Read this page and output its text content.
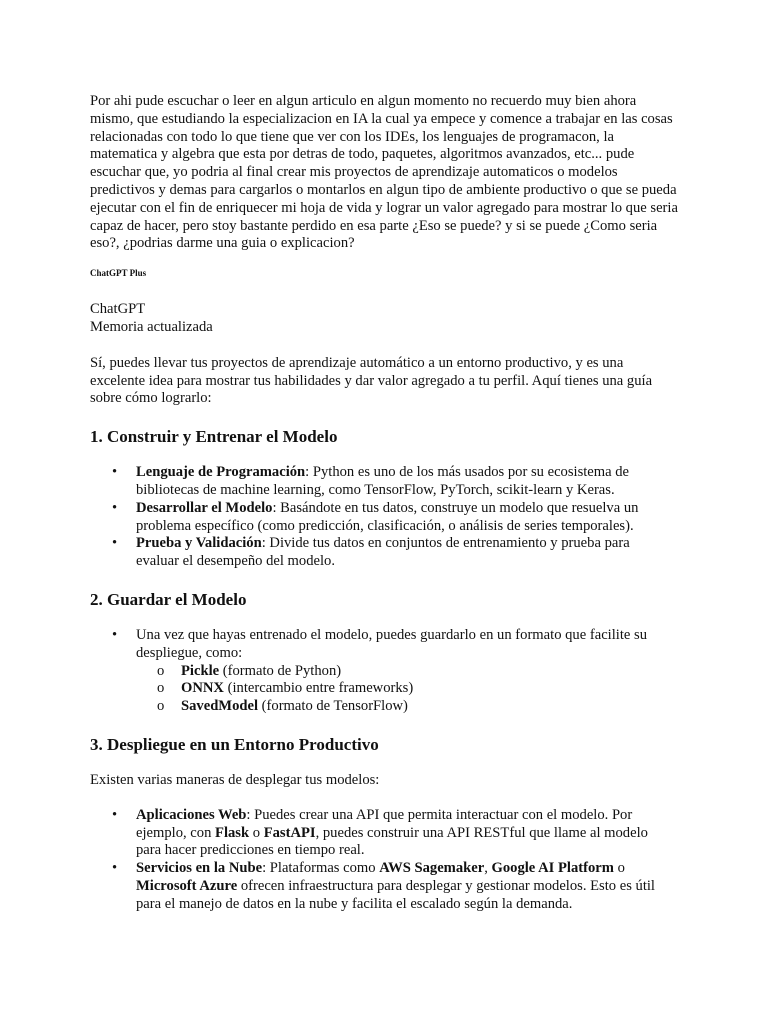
Por ahi pude escuchar o leer en algun articulo en algun momento no recuerdo muy bien ahora mismo, que estudiando la especializacion en IA la cual ya empece y comence a trabajar en las cosas relacionadas con todo lo que tiene que ver con los IDEs, los lenguajes de programacon, la matematica y algebra que esta por detras de todo, paquetes, algoritmos avanzados, etc... pude escuchar que, yo podria al final crear mis proyectos de aprendizaje automaticos o modelos predictivos y demas para cargarlos o montarlos en algun tipo de ambiente productivo o que se pueda ejecutar con el fin de enriquecer mi hoja de vida y lograr un valor agregado para mostrar lo que seria capaz de hacer, pero stoy bastante perdido en esa parte ¿Eso se puede? y si se puede ¿Como seria eso?, ¿podrias darme una guia o explicacion?

ChatGPT Plus

ChatGPT
Memoria actualizada

Sí, puedes llevar tus proyectos de aprendizaje automático a un entorno productivo, y es una excelente idea para mostrar tus habilidades y dar valor agregado a tu perfil. Aquí tienes una guía sobre cómo lograrlo:

1. Construir y Entrenar el Modelo
• Lenguaje de Programación: Python es uno de los más usados por su ecosistema de bibliotecas de machine learning, como TensorFlow, PyTorch, scikit-learn y Keras.
• Desarrollar el Modelo: Basándote en tus datos, construye un modelo que resuelva un problema específico (como predicción, clasificación, o análisis de series temporales).
• Prueba y Validación: Divide tus datos en conjuntos de entrenamiento y prueba para evaluar el desempeño del modelo.
2. Guardar el Modelo
• Una vez que hayas entrenado el modelo, puedes guardarlo en un formato que facilite su despliegue, como:
o Pickle (formato de Python)
o ONNX (intercambio entre frameworks)
o SavedModel (formato de TensorFlow)
3. Despliegue en un Entorno Productivo

Existen varias maneras de desplegar tus modelos:

• Aplicaciones Web: Puedes crear una API que permita interactuar con el modelo. Por ejemplo, con Flask o FastAPI, puedes construir una API RESTful que llame al modelo para hacer predicciones en tiempo real.
• Servicios en la Nube: Plataformas como AWS Sagemaker, Google AI Platform o Microsoft Azure ofrecen infraestructura para desplegar y gestionar modelos. Esto es útil para el manejo de datos en la nube y facilita el escalado según la demanda.
